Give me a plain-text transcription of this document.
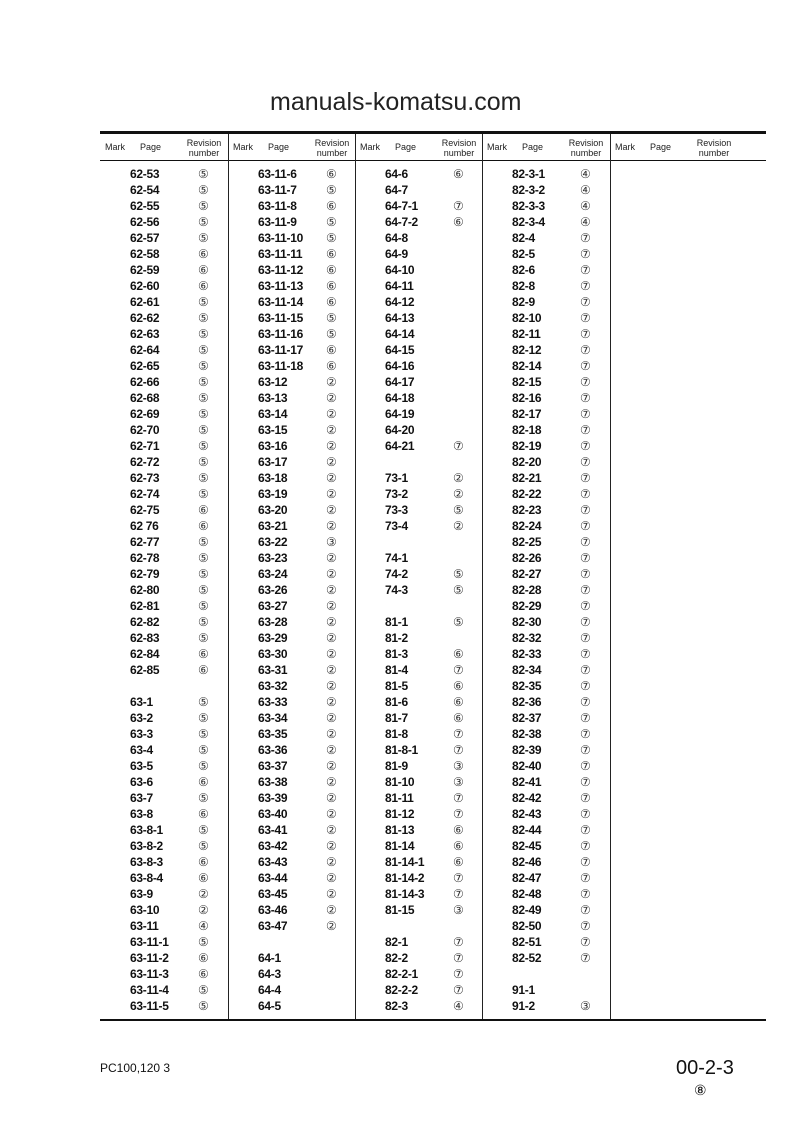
Mark Page	Revision number
62-53	⑤
62-54	⑤
62-55	⑤
62-56	⑤
62-57	⑤
62-58	⑥
62-59	⑥
62-60	⑥
62-61	⑤
62-62	⑤
62-63	⑤
62-64	⑤
62-65	⑤
62-66	⑤
62-68	⑤
62-69	⑤
62-70	⑤
62-71	⑤
62-72	⑤
62-73	⑤
62-74	⑤
62-75	⑥
62 76	⑥
62-77	⑤
62-78	⑤
62-79	⑤
62-80	⑤
62-81	⑤
62-82	⑤
62-83	⑤
62-84	⑥
62-85	⑥
63-1	⑤
63-2	⑤
63-3	⑤
63-4	⑤
63-5	⑤
63-6	⑥
63-7	⑤
63-8	⑥
63-8-1	⑤
63-8-2	⑤
63-8-3	⑥
63-8-4	⑥
63-9	②
63-10	②
63-11	④
63-11-1 ⑤
63-11-2 ⑥
63-11-3 ⑥
63-11-4 ⑤
63-11-5 ⑤
Mark Page	Revision number
63-11-6 ⑥
63-11-7 ⑤
63-11-8 ⑥
63-11-9 ⑤
63-11-10 ⑤
63-11-11 ⑥
63-11-12 ⑥
63-11-13 ⑥
63-11-14 ⑥
63-11-15 ⑤
63-11-16 ⑤
63-11-17 ⑥
63-11-18 ⑥
63-12	②
63-13	②
63-14	②
63-15	②
63-16	②
63-17	②
63-18	②
63-19	②
63-20	②
63-21	②
63-22	③
63-23	②
63-24	②
63-26	②
63-27	②
63-28	②
63-29	②
63-30	②
63-31	②
63-32	②
63-33	②
63-34	②
63-35	②
63-36	②
63-37	②
63-38	②
63-39	②
63-40	②
63-41	②
63-42	②
63-43	②
63-44	②
63-45	②
63-46	②
63-47	②
64-1
64-3
64-4
64-5
Mark Page	Revision number
64-6	⑥
64-7
64-7-1	⑦
64-7-2	⑥
64-8
64-9
64-10
64-11
64-12
64-13
64-14
64-15
64-16
64-17
64-18
64-19
64-20
64-21	⑦
73-1	②
73-2	②
73-3	⑤
73-4	②
74-1
74-2	⑤
74-3	⑤
81-1	⑤
81-2
81-3	⑥
81-4	⑦
81-5	⑥
81-6	⑥
81-7	⑥
81-8	⑦
81-8-1	⑦
81-9	③
81-10	③
81-11	⑦
81-12	⑦
81-13	⑥
81-14	⑥
81-14-1 ⑥
81-14-2 ⑦
81-14-3 ⑦
81-15	③
82-1	⑦
82-2	⑦
82-2-1	⑦
82-2-2	⑦
82-3	④
Mark Page	Revision number
82-3-1	④
82-3-2	④
82-3-3	④
82-3-4	④
82-4	⑦
82-5	⑦
82-6	⑦
82-8	⑦
82-9	⑦
82-10	⑦
82-11	⑦
82-12	⑦
82-14	⑦
82-15	⑦
82-16	⑦
82-17	⑦
82-18	⑦
82-19	⑦
82-20	⑦
82-21	⑦
82-22	⑦
82-23	⑦
82-24	⑦
82-25	⑦
82-26	⑦
82-27	⑦
82-28	⑦
82-29	⑦
82-30	⑦
82-32	⑦
82-33	⑦
82-34	⑦
82-35	⑦
82-36	⑦
82-37	⑦
82-38	⑦
82-39	⑦
82-40	⑦
82-41	⑦
82-42	⑦
82-43	⑦
82-44	⑦
82-45	⑦
82-46	⑦
82-47	⑦
82-48	⑦
82-49	⑦
82-50	⑦
82-51	⑦
82-52	⑦
91-1
91-2	③
Mark Page	Revision number
manuals-komatsu.com
PC100,120 3	00-2-3
⑧
